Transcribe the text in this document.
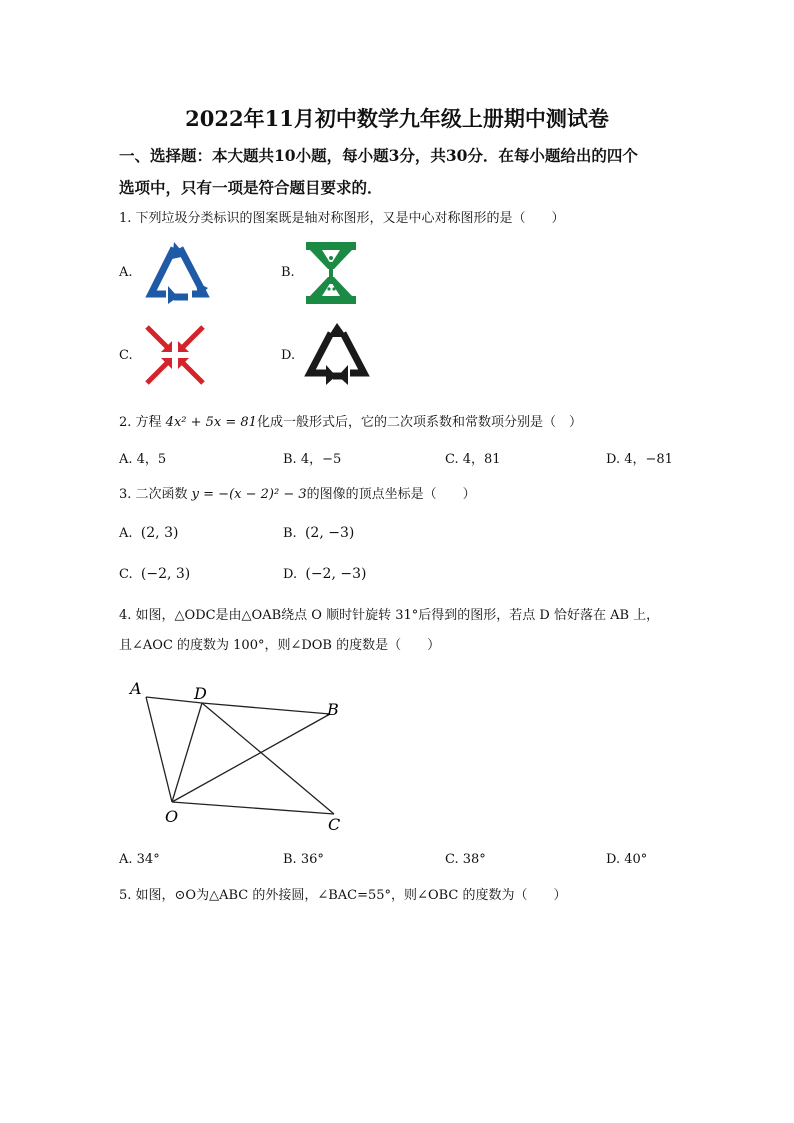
2022年11月初中数学九年级上册期中测试卷
一、选择题：本大题共10小题，每小题3分，共30分．在每小题给出的四个
选项中，只有一项是符合题目要求的．
1. 下列垃圾分类标识的图案既是轴对称图形，又是中心对称图形的是（　　）
A.	B.
C.	D.
2. 方程 4x² + 5x = 81化成一般形式后，它的二次项系数和常数项分别是（　）
A. 4，5	B. 4，−5	C. 4，81	D. 4，−81
3. 二次函数 y = −(x − 2)² − 3的图像的顶点坐标是（　　）
A. (2, 3)	B. (2, −3)
C. (−2, 3)	D. (−2, −3)
4. 如图，△ODC是由△OAB绕点 O 顺时针旋转 31°后得到的图形，若点 D 恰好落在 AB 上，
且∠AOC 的度数为 100°，则∠DOB 的度数是（　　）
A	D
B
O	C
A. 34°	B. 36°	C. 38°	D. 40°
5. 如图，⊙O为△ABC 的外接圆，∠BAC=55°，则∠OBC 的度数为（　　）
